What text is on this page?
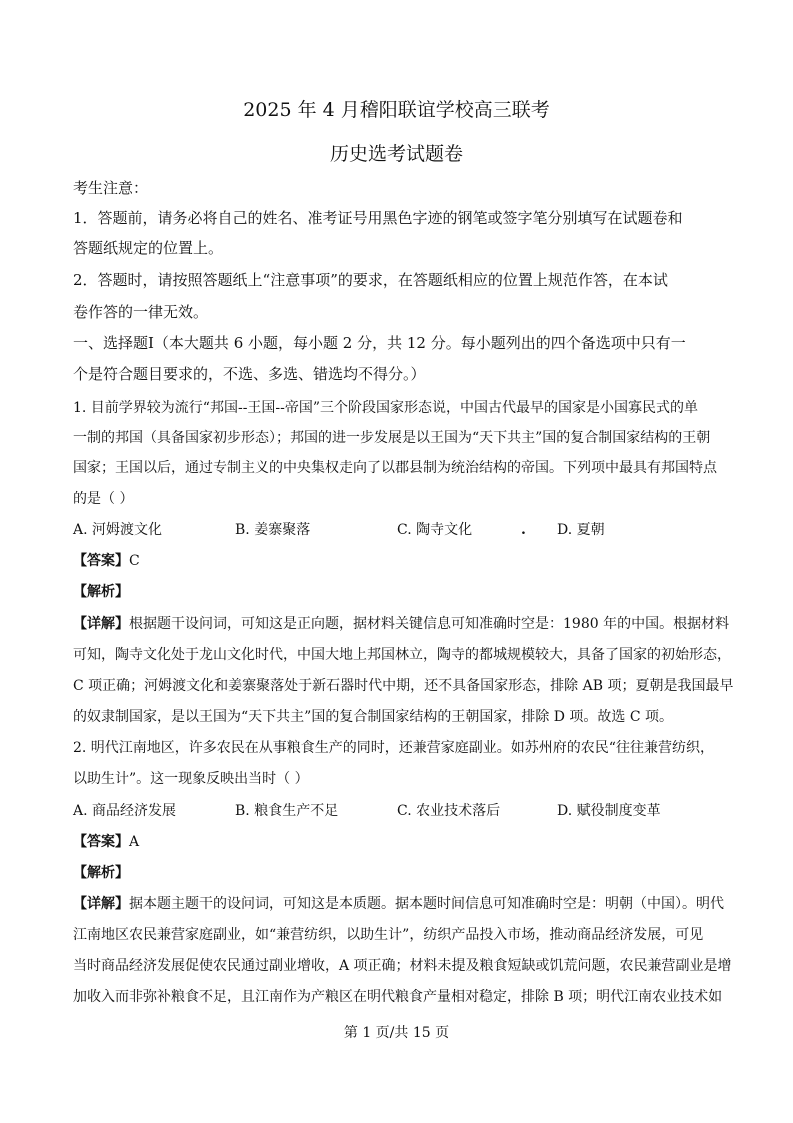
2025 年 4 月稽阳联谊学校高三联考
历史选考试题卷
考生注意：
1．答题前，请务必将自己的姓名、准考证号用黑色字迹的钢笔或签字笔分别填写在试题卷和
答题纸规定的位置上。
2．答题时，请按照答题纸上“注意事项”的要求，在答题纸相应的位置上规范作答，在本试
卷作答的一律无效。
一、选择题Ⅰ（本大题共 6 小题，每小题 2 分，共 12 分。每小题列出的四个备选项中只有一
个是符合题目要求的，不选、多选、错选均不得分。）
1. 目前学界较为流行“邦国--王国--帝国”三个阶段国家形态说，中国古代最早的国家是小国寡民式的单
一制的邦国（具备国家初步形态）；邦国的进一步发展是以王国为“天下共主”国的复合制国家结构的王朝
国家；王国以后，通过专制主义的中央集权走向了以郡县制为统治结构的帝国。下列项中最具有邦国特点
的是（ ）
A. 河姆渡文化	B. 姜寨聚落	C. 陶寺文化	. D. 夏朝
【答案】C
【解析】
【详解】根据题干设问词，可知这是正向题，据材料关键信息可知准确时空是：1980 年的中国。根据材料
可知，陶寺文化处于龙山文化时代，中国大地上邦国林立，陶寺的都城规模较大，具备了国家的初始形态，
C 项正确；河姆渡文化和姜寨聚落处于新石器时代中期，还不具备国家形态，排除 AB 项；夏朝是我国最早
的奴隶制国家，是以王国为“天下共主”国的复合制国家结构的王朝国家，排除 D 项。故选 C 项。
2. 明代江南地区，许多农民在从事粮食生产的同时，还兼营家庭副业。如苏州府的农民“往往兼营纺织，
以助生计”。这一现象反映出当时（ ）
A. 商品经济发展	B. 粮食生产不足	C. 农业技术落后	D. 赋役制度变革
【答案】A
【解析】
【详解】据本题主题干的设问词，可知这是本质题。据本题时间信息可知准确时空是：明朝（中国）。明代
江南地区农民兼营家庭副业，如“兼营纺织，以助生计”，纺织产品投入市场，推动商品经济发展，可见
当时商品经济发展促使农民通过副业增收，A 项正确；材料未提及粮食短缺或饥荒问题，农民兼营副业是增
加收入而非弥补粮食不足，且江南作为产粮区在明代粮食产量相对稳定，排除 B 项；明代江南农业技术如
第 1 页/共 15 页
